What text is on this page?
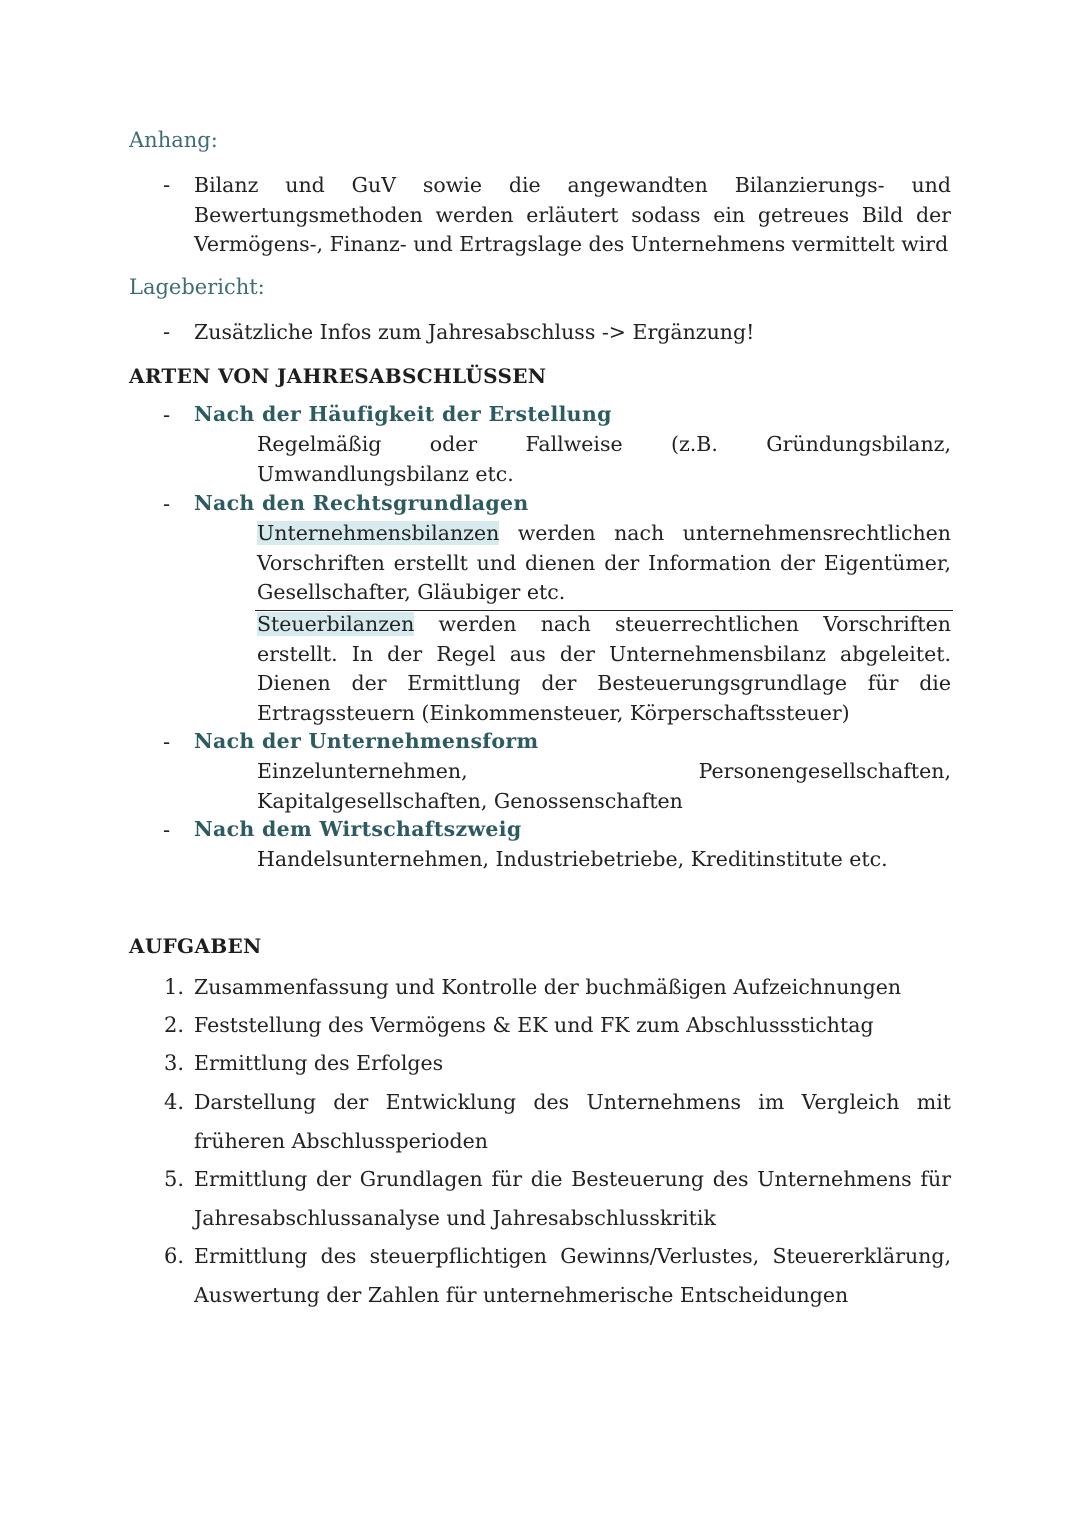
Anhang:
- Bilanz und GuV sowie die angewandten Bilanzierungs- und Bewertungsmethoden werden erläutert sodass ein getreues Bild der Vermögens-, Finanz- und Ertragslage des Unternehmens vermittelt wird
Lagebericht:
- Zusätzliche Infos zum Jahresabschluss -> Ergänzung!
ARTEN VON JAHRESABSCHLÜSSEN
- Nach der Häufigkeit der Erstellung
Regelmäßig oder Fallweise (z.B. Gründungsbilanz, Umwandlungsbilanz etc.
- Nach den Rechtsgrundlagen
Unternehmensbilanzen werden nach unternehmensrechtlichen Vorschriften erstellt und dienen der Information der Eigentümer, Gesellschafter, Gläubiger etc.
Steuerbilanzen werden nach steuerrechtlichen Vorschriften erstellt. In der Regel aus der Unternehmensbilanz abgeleitet. Dienen der Ermittlung der Besteuerungsgrundlage für die Ertragssteuern (Einkommensteuer, Körperschaftssteuer)
- Nach der Unternehmensform
Einzelunternehmen, Personengesellschaften, Kapitalgesellschaften, Genossenschaften
- Nach dem Wirtschaftszweig
Handelsunternehmen, Industriebetriebe, Kreditinstitute etc.
AUFGABEN
1. Zusammenfassung und Kontrolle der buchmäßigen Aufzeichnungen
2. Feststellung des Vermögens & EK und FK zum Abschlussstichtag
3. Ermittlung des Erfolges
4. Darstellung der Entwicklung des Unternehmens im Vergleich mit früheren Abschlussperioden
5. Ermittlung der Grundlagen für die Besteuerung des Unternehmens für Jahresabschlussanalyse und Jahresabschlusskritik
6. Ermittlung des steuerpflichtigen Gewinns/Verlustes, Steuererklärung, Auswertung der Zahlen für unternehmerische Entscheidungen
